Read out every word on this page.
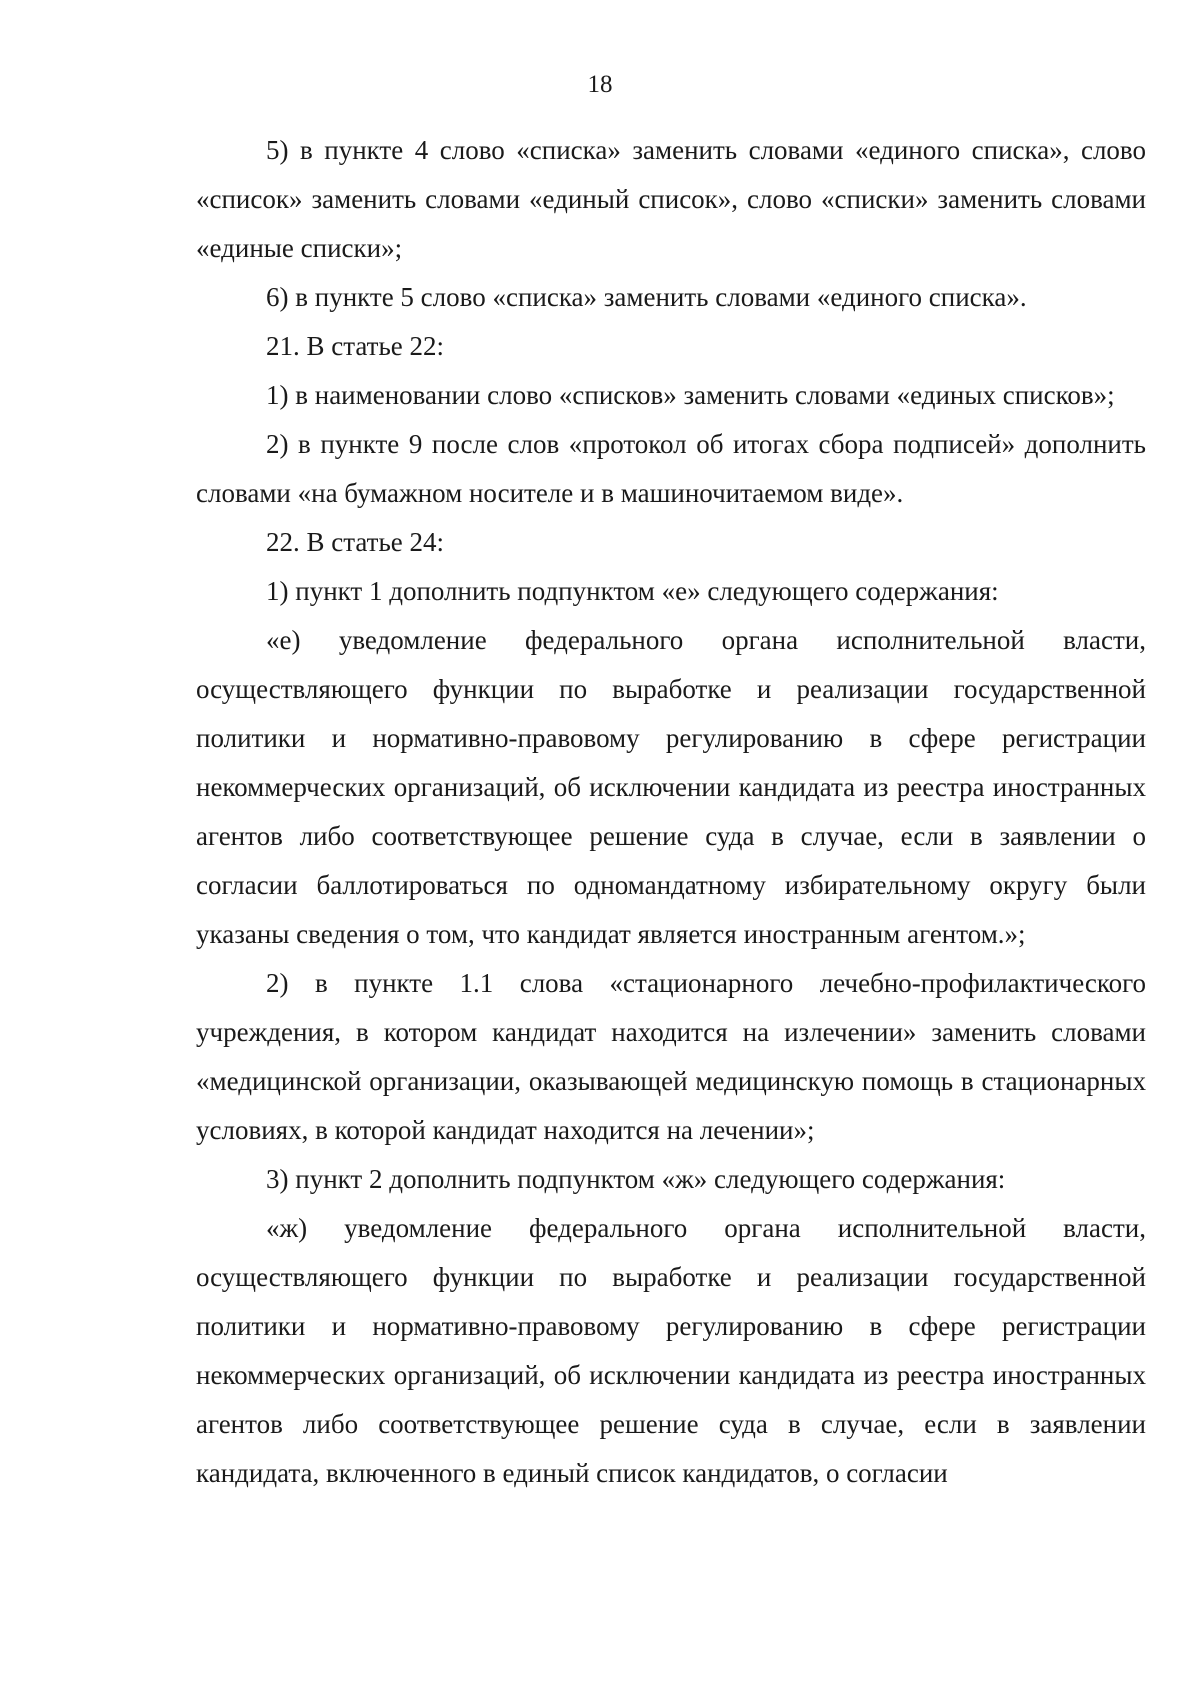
18

5) в пункте 4 слово «списка» заменить словами «единого списка», слово «список» заменить словами «единый список», слово «списки» заменить словами «единые списки»;

6) в пункте 5 слово «списка» заменить словами «единого списка».

21. В статье 22:

1) в наименовании слово «списков» заменить словами «единых списков»;

2) в пункте 9 после слов «протокол об итогах сбора подписей» дополнить словами «на бумажном носителе и в машиночитаемом виде».

22. В статье 24:

1) пункт 1 дополнить подпунктом «е» следующего содержания:

«е) уведомление федерального органа исполнительной власти, осуществляющего функции по выработке и реализации государственной политики и нормативно-правовому регулированию в сфере регистрации некоммерческих организаций, об исключении кандидата из реестра иностранных агентов либо соответствующее решение суда в случае, если в заявлении о согласии баллотироваться по одномандатному избирательному округу были указаны сведения о том, что кандидат является иностранным агентом.»;

2) в пункте 1.1 слова «стационарного лечебно-профилактического учреждения, в котором кандидат находится на излечении» заменить словами «медицинской организации, оказывающей медицинскую помощь в стационарных условиях, в которой кандидат находится на лечении»;

3) пункт 2 дополнить подпунктом «ж» следующего содержания:

«ж) уведомление федерального органа исполнительной власти, осуществляющего функции по выработке и реализации государственной политики и нормативно-правовому регулированию в сфере регистрации некоммерческих организаций, об исключении кандидата из реестра иностранных агентов либо соответствующее решение суда в случае, если в заявлении кандидата, включенного в единый список кандидатов, о согласии
